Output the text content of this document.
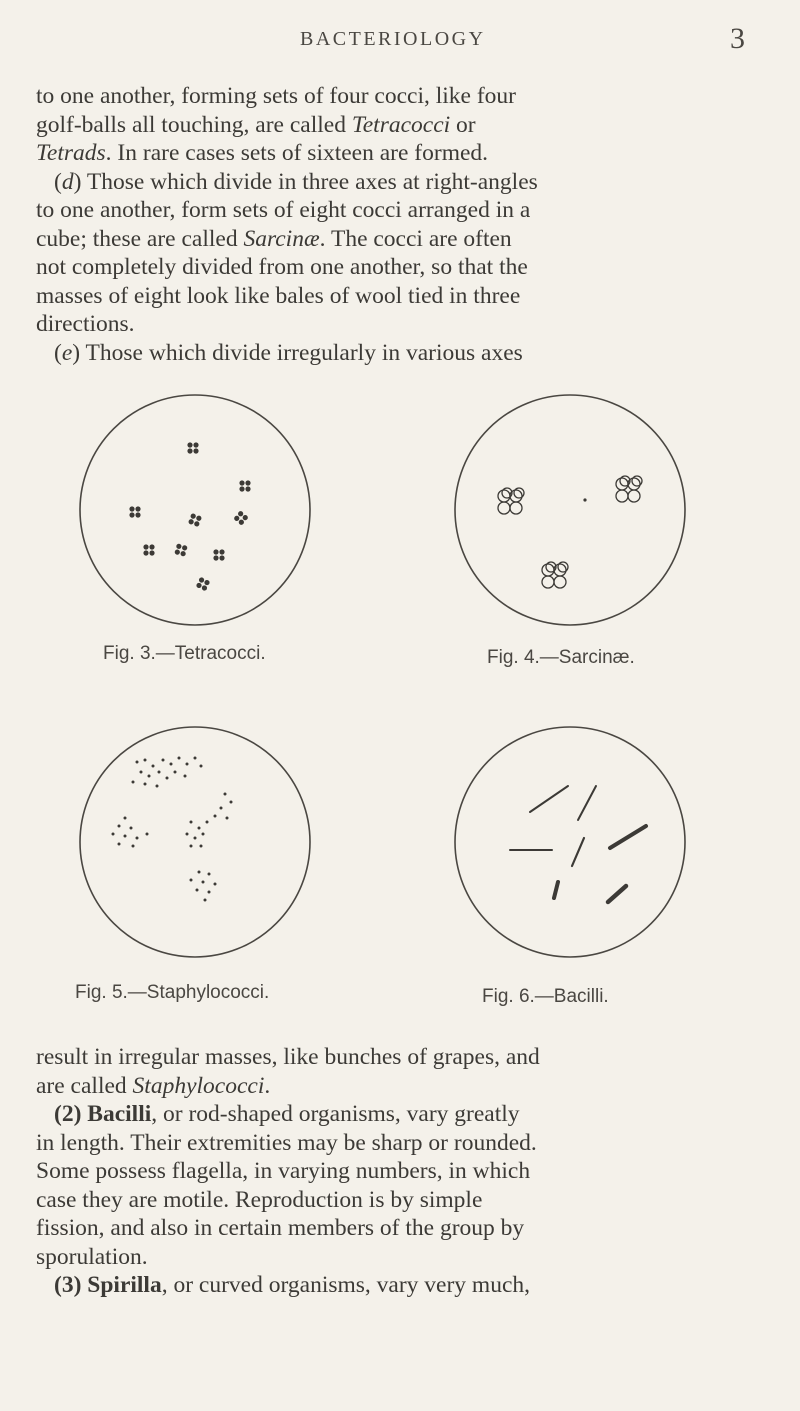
BACTERIOLOGY	3
to one another, forming sets of four cocci, like four
golf-balls all touching, are called Tetracocci or
Tetrads. In rare cases sets of sixteen are formed.
(d) Those which divide in three axes at right-angles
to one another, form sets of eight cocci arranged in a
cube; these are called Sarcinæ. The cocci are often
not completely divided from one another, so that the
masses of eight look like bales of wool tied in three
directions.
(e) Those which divide irregularly in various axes
Fig. 3.—Tetracocci.	Fig. 4.—Sarcinæ.
Fig. 5.—Staphylococci.	Fig. 6.—Bacilli.
result in irregular masses, like bunches of grapes, and
are called Staphylococci.
(2) Bacilli, or rod-shaped organisms, vary greatly
in length. Their extremities may be sharp or rounded.
Some possess flagella, in varying numbers, in which
case they are motile. Reproduction is by simple
fission, and also in certain members of the group by
sporulation.
(3) Spirilla, or curved organisms, vary very much,
